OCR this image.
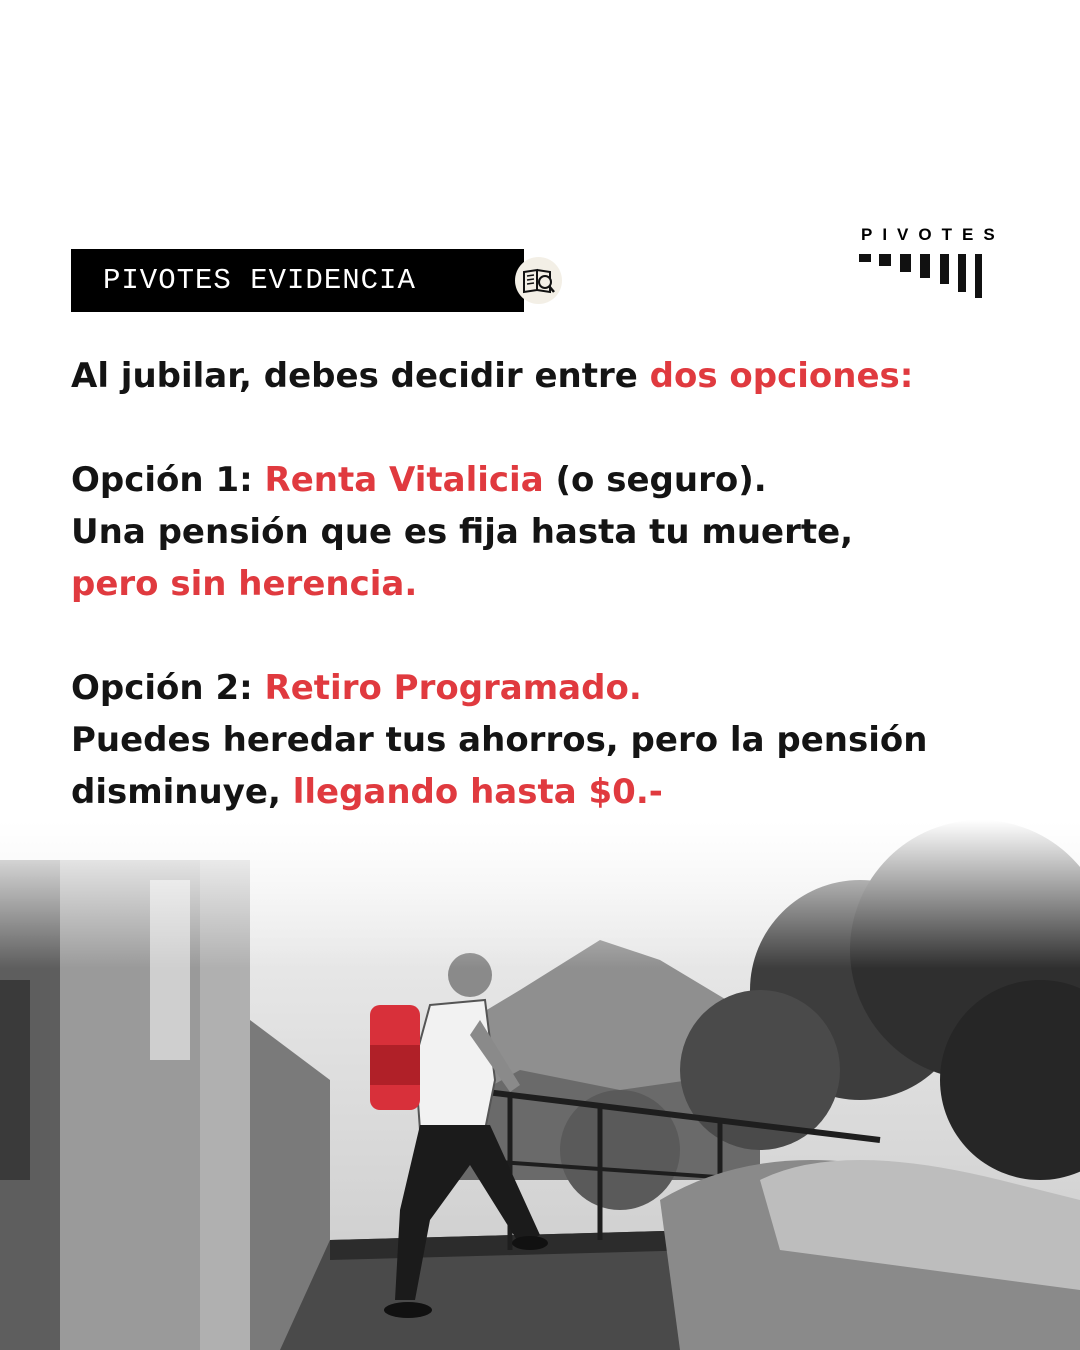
PIVOTES EVIDENCIA
PIVOTES

Al jubilar, debes decidir entre dos opciones:

Opción 1: Renta Vitalicia (o seguro).

Una pensión que es fija hasta tu muerte,

pero sin herencia.

Opción 2: Retiro Programado.

Puedes heredar tus ahorros, pero la pensión

disminuye, llegando hasta $0.-
